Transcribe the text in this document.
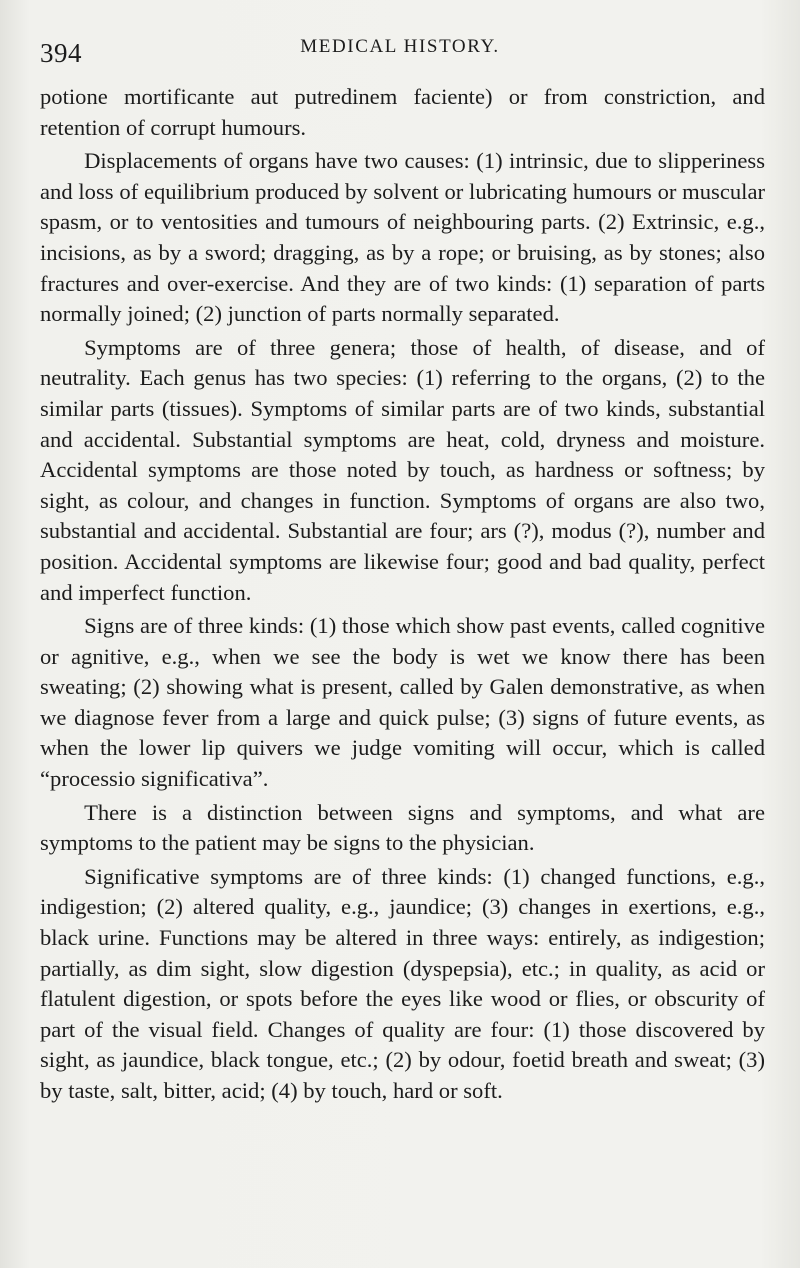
394	MEDICAL HISTORY.

potione mortificante aut putredinem faciente) or from constriction, and retention of corrupt humours.

Displacements of organs have two causes: (1) intrinsic, due to slipperiness and loss of equilibrium produced by solvent or lubricating humours or muscular spasm, or to ventosities and tumours of neighbouring parts. (2) Extrinsic, e.g., incisions, as by a sword; dragging, as by a rope; or bruising, as by stones; also fractures and over-exercise. And they are of two kinds: (1) separation of parts normally joined; (2) junction of parts normally separated.

Symptoms are of three genera; those of health, of disease, and of neutrality. Each genus has two species: (1) referring to the organs, (2) to the similar parts (tissues). Symptoms of similar parts are of two kinds, substantial and accidental. Substantial symptoms are heat, cold, dryness and moisture. Accidental symptoms are those noted by touch, as hardness or softness; by sight, as colour, and changes in function. Symptoms of organs are also two, substantial and accidental. Substantial are four; ars (?), modus (?), number and position. Accidental symptoms are likewise four; good and bad quality, perfect and imperfect function.

Signs are of three kinds: (1) those which show past events, called cognitive or agnitive, e.g., when we see the body is wet we know there has been sweating; (2) showing what is present, called by Galen demonstrative, as when we diagnose fever from a large and quick pulse; (3) signs of future events, as when the lower lip quivers we judge vomiting will occur, which is called “processio significativa”.

There is a distinction between signs and symptoms, and what are symptoms to the patient may be signs to the physician.

Significative symptoms are of three kinds: (1) changed functions, e.g., indigestion; (2) altered quality, e.g., jaundice; (3) changes in exertions, e.g., black urine. Functions may be altered in three ways: entirely, as indigestion; partially, as dim sight, slow digestion (dyspepsia), etc.; in quality, as acid or flatulent digestion, or spots before the eyes like wood or flies, or obscurity of part of the visual field. Changes of quality are four: (1) those discovered by sight, as jaundice, black tongue, etc.; (2) by odour, foetid breath and sweat; (3) by taste, salt, bitter, acid; (4) by touch, hard or soft.
